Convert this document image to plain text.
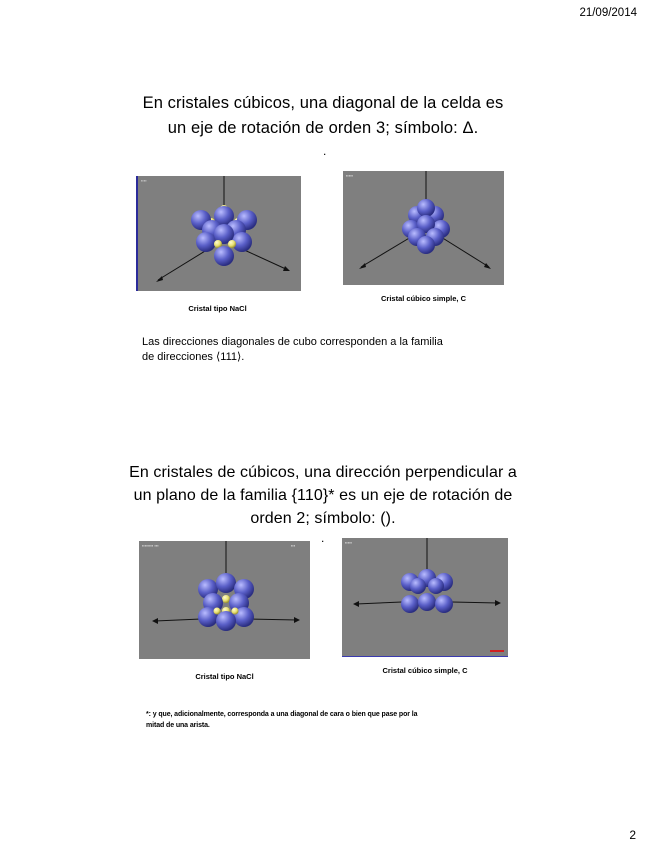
21/09/2014
2
En cristales cúbicos, una diagonal de la celda es
un eje de rotación de orden 3; símbolo: Δ.
.
▪▪▪▪
Cristal tipo NaCl
▪▪▪▪▪
Cristal cúbico simple, C
Las direcciones diagonales de cubo corresponden a la familia
de direcciones ⟨111⟩.
En cristales de cúbicos, una dirección perpendicular a
un plano de la familia {110}* es un eje de rotación de
orden 2; símbolo: ().
.
▪▪▪▪▪▪▪▪ ▪▪▪	▪▪▪
Cristal tipo NaCl
▪▪▪▪▪
Cristal cúbico simple, C
*: y que, adicionalmente, corresponda a una diagonal de cara o bien que pase por la
mitad de una arista.
